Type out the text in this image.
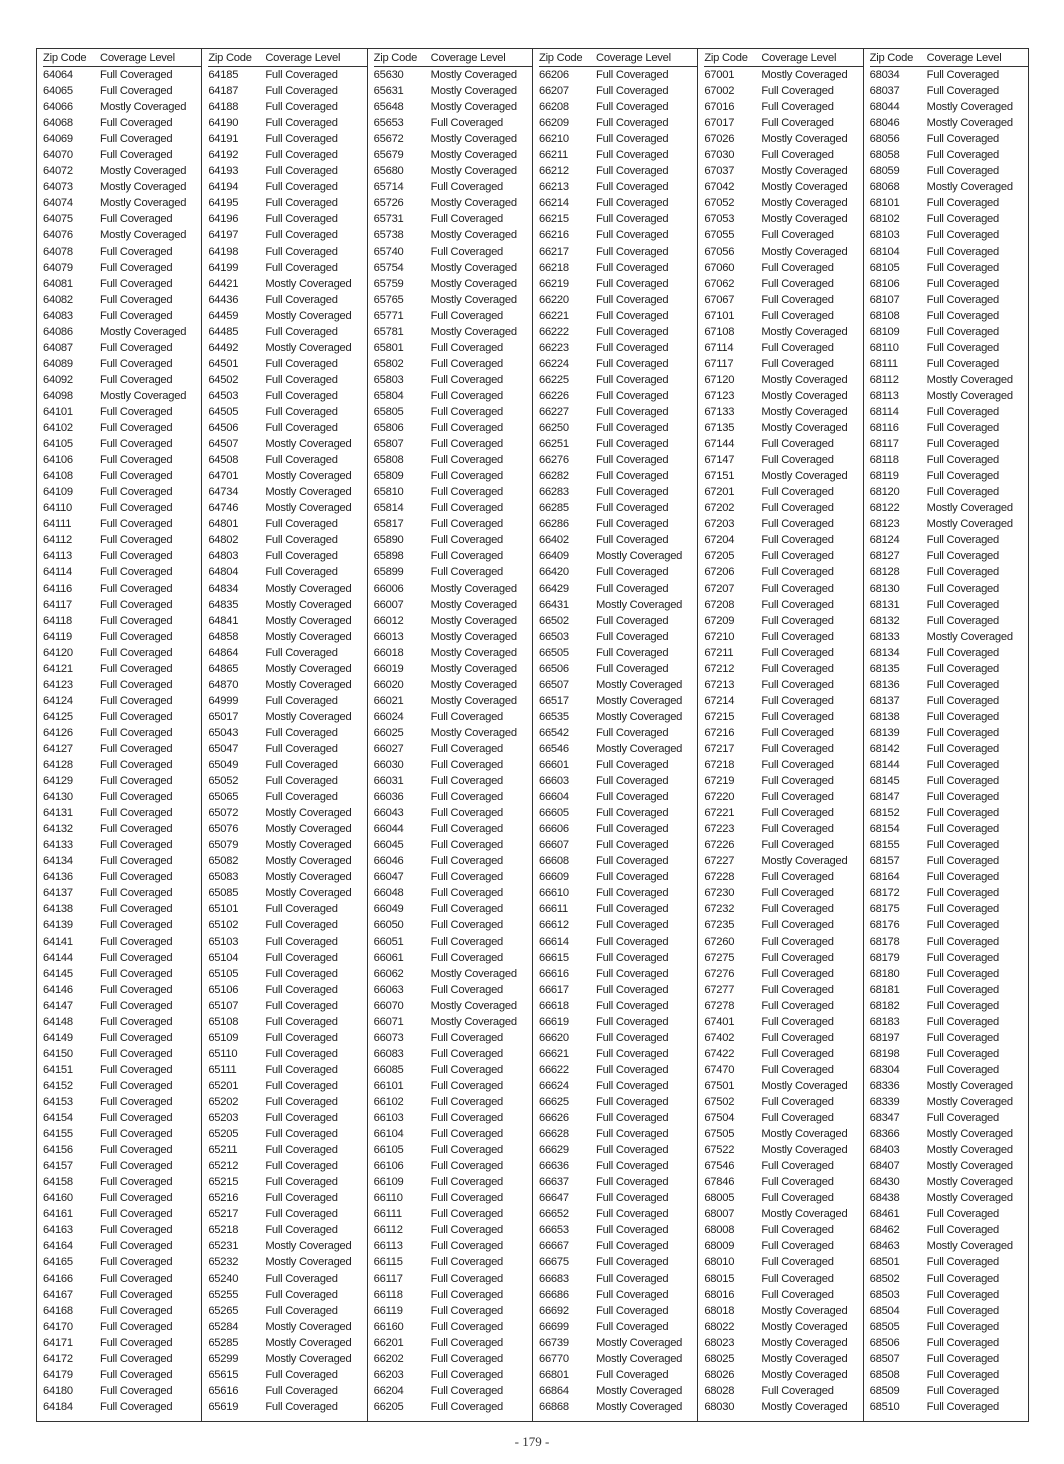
Zip Code	Coverage Level
64064	Full Coveraged
64065	Full Coveraged
64066	Mostly Coveraged
64068	Full Coveraged
64069	Full Coveraged
64070	Full Coveraged
64072	Mostly Coveraged
64073	Mostly Coveraged
64074	Mostly Coveraged
64075	Full Coveraged
64076	Mostly Coveraged
64078	Full Coveraged
64079	Full Coveraged
64081	Full Coveraged
64082	Full Coveraged
64083	Full Coveraged
64086	Mostly Coveraged
64087	Full Coveraged
64089	Full Coveraged
64092	Full Coveraged
64098	Mostly Coveraged
64101	Full Coveraged
64102	Full Coveraged
64105	Full Coveraged
64106	Full Coveraged
64108	Full Coveraged
64109	Full Coveraged
64110	Full Coveraged
64111	Full Coveraged
64112	Full Coveraged
64113	Full Coveraged
64114	Full Coveraged
64116	Full Coveraged
64117	Full Coveraged
64118	Full Coveraged
64119	Full Coveraged
64120	Full Coveraged
64121	Full Coveraged
64123	Full Coveraged
64124	Full Coveraged
64125	Full Coveraged
64126	Full Coveraged
64127	Full Coveraged
64128	Full Coveraged
64129	Full Coveraged
64130	Full Coveraged
64131	Full Coveraged
64132	Full Coveraged
64133	Full Coveraged
64134	Full Coveraged
64136	Full Coveraged
64137	Full Coveraged
64138	Full Coveraged
64139	Full Coveraged
64141	Full Coveraged
64144	Full Coveraged
64145	Full Coveraged
64146	Full Coveraged
64147	Full Coveraged
64148	Full Coveraged
64149	Full Coveraged
64150	Full Coveraged
64151	Full Coveraged
64152	Full Coveraged
64153	Full Coveraged
64154	Full Coveraged
64155	Full Coveraged
64156	Full Coveraged
64157	Full Coveraged
64158	Full Coveraged
64160	Full Coveraged
64161	Full Coveraged
64163	Full Coveraged
64164	Full Coveraged
64165	Full Coveraged
64166	Full Coveraged
64167	Full Coveraged
64168	Full Coveraged
64170	Full Coveraged
64171	Full Coveraged
64172	Full Coveraged
64179	Full Coveraged
64180	Full Coveraged
64184	Full Coveraged
Zip Code	Coverage Level
64185	Full Coveraged
64187	Full Coveraged
64188	Full Coveraged
64190	Full Coveraged
64191	Full Coveraged
64192	Full Coveraged
64193	Full Coveraged
64194	Full Coveraged
64195	Full Coveraged
64196	Full Coveraged
64197	Full Coveraged
64198	Full Coveraged
64199	Full Coveraged
64421	Mostly Coveraged
64436	Full Coveraged
64459	Mostly Coveraged
64485	Full Coveraged
64492	Mostly Coveraged
64501	Full Coveraged
64502	Full Coveraged
64503	Full Coveraged
64505	Full Coveraged
64506	Full Coveraged
64507	Mostly Coveraged
64508	Full Coveraged
64701	Mostly Coveraged
64734	Mostly Coveraged
64746	Mostly Coveraged
64801	Full Coveraged
64802	Full Coveraged
64803	Full Coveraged
64804	Full Coveraged
64834	Mostly Coveraged
64835	Mostly Coveraged
64841	Mostly Coveraged
64858	Mostly Coveraged
64864	Full Coveraged
64865	Mostly Coveraged
64870	Mostly Coveraged
64999	Full Coveraged
65017	Mostly Coveraged
65043	Full Coveraged
65047	Full Coveraged
65049	Full Coveraged
65052	Full Coveraged
65065	Full Coveraged
65072	Mostly Coveraged
65076	Mostly Coveraged
65079	Mostly Coveraged
65082	Mostly Coveraged
65083	Mostly Coveraged
65085	Mostly Coveraged
65101	Full Coveraged
65102	Full Coveraged
65103	Full Coveraged
65104	Full Coveraged
65105	Full Coveraged
65106	Full Coveraged
65107	Full Coveraged
65108	Full Coveraged
65109	Full Coveraged
65110	Full Coveraged
65111	Full Coveraged
65201	Full Coveraged
65202	Full Coveraged
65203	Full Coveraged
65205	Full Coveraged
65211	Full Coveraged
65212	Full Coveraged
65215	Full Coveraged
65216	Full Coveraged
65217	Full Coveraged
65218	Full Coveraged
65231	Mostly Coveraged
65232	Mostly Coveraged
65240	Full Coveraged
65255	Full Coveraged
65265	Full Coveraged
65284	Mostly Coveraged
65285	Mostly Coveraged
65299	Mostly Coveraged
65615	Full Coveraged
65616	Full Coveraged
65619	Full Coveraged
Zip Code	Coverage Level
65630	Mostly Coveraged
65631	Mostly Coveraged
65648	Mostly Coveraged
65653	Full Coveraged
65672	Mostly Coveraged
65679	Mostly Coveraged
65680	Mostly Coveraged
65714	Full Coveraged
65726	Mostly Coveraged
65731	Full Coveraged
65738	Mostly Coveraged
65740	Full Coveraged
65754	Mostly Coveraged
65759	Mostly Coveraged
65765	Mostly Coveraged
65771	Full Coveraged
65781	Mostly Coveraged
65801	Full Coveraged
65802	Full Coveraged
65803	Full Coveraged
65804	Full Coveraged
65805	Full Coveraged
65806	Full Coveraged
65807	Full Coveraged
65808	Full Coveraged
65809	Full Coveraged
65810	Full Coveraged
65814	Full Coveraged
65817	Full Coveraged
65890	Full Coveraged
65898	Full Coveraged
65899	Full Coveraged
66006	Mostly Coveraged
66007	Mostly Coveraged
66012	Mostly Coveraged
66013	Mostly Coveraged
66018	Mostly Coveraged
66019	Mostly Coveraged
66020	Mostly Coveraged
66021	Mostly Coveraged
66024	Full Coveraged
66025	Mostly Coveraged
66027	Full Coveraged
66030	Full Coveraged
66031	Full Coveraged
66036	Full Coveraged
66043	Full Coveraged
66044	Full Coveraged
66045	Full Coveraged
66046	Full Coveraged
66047	Full Coveraged
66048	Full Coveraged
66049	Full Coveraged
66050	Full Coveraged
66051	Full Coveraged
66061	Full Coveraged
66062	Mostly Coveraged
66063	Full Coveraged
66070	Mostly Coveraged
66071	Mostly Coveraged
66073	Full Coveraged
66083	Full Coveraged
66085	Full Coveraged
66101	Full Coveraged
66102	Full Coveraged
66103	Full Coveraged
66104	Full Coveraged
66105	Full Coveraged
66106	Full Coveraged
66109	Full Coveraged
66110	Full Coveraged
66111	Full Coveraged
66112	Full Coveraged
66113	Full Coveraged
66115	Full Coveraged
66117	Full Coveraged
66118	Full Coveraged
66119	Full Coveraged
66160	Full Coveraged
66201	Full Coveraged
66202	Full Coveraged
66203	Full Coveraged
66204	Full Coveraged
66205	Full Coveraged
Zip Code	Coverage Level
66206	Full Coveraged
66207	Full Coveraged
66208	Full Coveraged
66209	Full Coveraged
66210	Full Coveraged
66211	Full Coveraged
66212	Full Coveraged
66213	Full Coveraged
66214	Full Coveraged
66215	Full Coveraged
66216	Full Coveraged
66217	Full Coveraged
66218	Full Coveraged
66219	Full Coveraged
66220	Full Coveraged
66221	Full Coveraged
66222	Full Coveraged
66223	Full Coveraged
66224	Full Coveraged
66225	Full Coveraged
66226	Full Coveraged
66227	Full Coveraged
66250	Full Coveraged
66251	Full Coveraged
66276	Full Coveraged
66282	Full Coveraged
66283	Full Coveraged
66285	Full Coveraged
66286	Full Coveraged
66402	Full Coveraged
66409	Mostly Coveraged
66420	Full Coveraged
66429	Full Coveraged
66431	Mostly Coveraged
66502	Full Coveraged
66503	Full Coveraged
66505	Full Coveraged
66506	Full Coveraged
66507	Mostly Coveraged
66517	Mostly Coveraged
66535	Mostly Coveraged
66542	Full Coveraged
66546	Mostly Coveraged
66601	Full Coveraged
66603	Full Coveraged
66604	Full Coveraged
66605	Full Coveraged
66606	Full Coveraged
66607	Full Coveraged
66608	Full Coveraged
66609	Full Coveraged
66610	Full Coveraged
66611	Full Coveraged
66612	Full Coveraged
66614	Full Coveraged
66615	Full Coveraged
66616	Full Coveraged
66617	Full Coveraged
66618	Full Coveraged
66619	Full Coveraged
66620	Full Coveraged
66621	Full Coveraged
66622	Full Coveraged
66624	Full Coveraged
66625	Full Coveraged
66626	Full Coveraged
66628	Full Coveraged
66629	Full Coveraged
66636	Full Coveraged
66637	Full Coveraged
66647	Full Coveraged
66652	Full Coveraged
66653	Full Coveraged
66667	Full Coveraged
66675	Full Coveraged
66683	Full Coveraged
66686	Full Coveraged
66692	Full Coveraged
66699	Full Coveraged
66739	Mostly Coveraged
66770	Mostly Coveraged
66801	Full Coveraged
66864	Mostly Coveraged
66868	Mostly Coveraged
Zip Code	Coverage Level
67001	Mostly Coveraged
67002	Full Coveraged
67016	Full Coveraged
67017	Full Coveraged
67026	Mostly Coveraged
67030	Full Coveraged
67037	Mostly Coveraged
67042	Mostly Coveraged
67052	Mostly Coveraged
67053	Mostly Coveraged
67055	Full Coveraged
67056	Mostly Coveraged
67060	Full Coveraged
67062	Full Coveraged
67067	Full Coveraged
67101	Full Coveraged
67108	Mostly Coveraged
67114	Full Coveraged
67117	Full Coveraged
67120	Mostly Coveraged
67123	Mostly Coveraged
67133	Mostly Coveraged
67135	Mostly Coveraged
67144	Full Coveraged
67147	Full Coveraged
67151	Mostly Coveraged
67201	Full Coveraged
67202	Full Coveraged
67203	Full Coveraged
67204	Full Coveraged
67205	Full Coveraged
67206	Full Coveraged
67207	Full Coveraged
67208	Full Coveraged
67209	Full Coveraged
67210	Full Coveraged
67211	Full Coveraged
67212	Full Coveraged
67213	Full Coveraged
67214	Full Coveraged
67215	Full Coveraged
67216	Full Coveraged
67217	Full Coveraged
67218	Full Coveraged
67219	Full Coveraged
67220	Full Coveraged
67221	Full Coveraged
67223	Full Coveraged
67226	Full Coveraged
67227	Mostly Coveraged
67228	Full Coveraged
67230	Full Coveraged
67232	Full Coveraged
67235	Full Coveraged
67260	Full Coveraged
67275	Full Coveraged
67276	Full Coveraged
67277	Full Coveraged
67278	Full Coveraged
67401	Full Coveraged
67402	Full Coveraged
67422	Full Coveraged
67470	Full Coveraged
67501	Mostly Coveraged
67502	Full Coveraged
67504	Full Coveraged
67505	Mostly Coveraged
67522	Mostly Coveraged
67546	Full Coveraged
67846	Full Coveraged
68005	Full Coveraged
68007	Mostly Coveraged
68008	Full Coveraged
68009	Full Coveraged
68010	Full Coveraged
68015	Full Coveraged
68016	Full Coveraged
68018	Mostly Coveraged
68022	Mostly Coveraged
68023	Mostly Coveraged
68025	Mostly Coveraged
68026	Mostly Coveraged
68028	Full Coveraged
68030	Mostly Coveraged
Zip Code	Coverage Level
68034	Full Coveraged
68037	Full Coveraged
68044	Mostly Coveraged
68046	Mostly Coveraged
68056	Full Coveraged
68058	Full Coveraged
68059	Full Coveraged
68068	Mostly Coveraged
68101	Full Coveraged
68102	Full Coveraged
68103	Full Coveraged
68104	Full Coveraged
68105	Full Coveraged
68106	Full Coveraged
68107	Full Coveraged
68108	Full Coveraged
68109	Full Coveraged
68110	Full Coveraged
68111	Full Coveraged
68112	Mostly Coveraged
68113	Mostly Coveraged
68114	Full Coveraged
68116	Full Coveraged
68117	Full Coveraged
68118	Full Coveraged
68119	Full Coveraged
68120	Full Coveraged
68122	Mostly Coveraged
68123	Mostly Coveraged
68124	Full Coveraged
68127	Full Coveraged
68128	Full Coveraged
68130	Full Coveraged
68131	Full Coveraged
68132	Full Coveraged
68133	Mostly Coveraged
68134	Full Coveraged
68135	Full Coveraged
68136	Full Coveraged
68137	Full Coveraged
68138	Full Coveraged
68139	Full Coveraged
68142	Full Coveraged
68144	Full Coveraged
68145	Full Coveraged
68147	Full Coveraged
68152	Full Coveraged
68154	Full Coveraged
68155	Full Coveraged
68157	Full Coveraged
68164	Full Coveraged
68172	Full Coveraged
68175	Full Coveraged
68176	Full Coveraged
68178	Full Coveraged
68179	Full Coveraged
68180	Full Coveraged
68181	Full Coveraged
68182	Full Coveraged
68183	Full Coveraged
68197	Full Coveraged
68198	Full Coveraged
68304	Full Coveraged
68336	Mostly Coveraged
68339	Mostly Coveraged
68347	Full Coveraged
68366	Mostly Coveraged
68403	Mostly Coveraged
68407	Mostly Coveraged
68430	Mostly Coveraged
68438	Mostly Coveraged
68461	Full Coveraged
68462	Full Coveraged
68463	Mostly Coveraged
68501	Full Coveraged
68502	Full Coveraged
68503	Full Coveraged
68504	Full Coveraged
68505	Full Coveraged
68506	Full Coveraged
68507	Full Coveraged
68508	Full Coveraged
68509	Full Coveraged
68510	Full Coveraged
- 179 -
